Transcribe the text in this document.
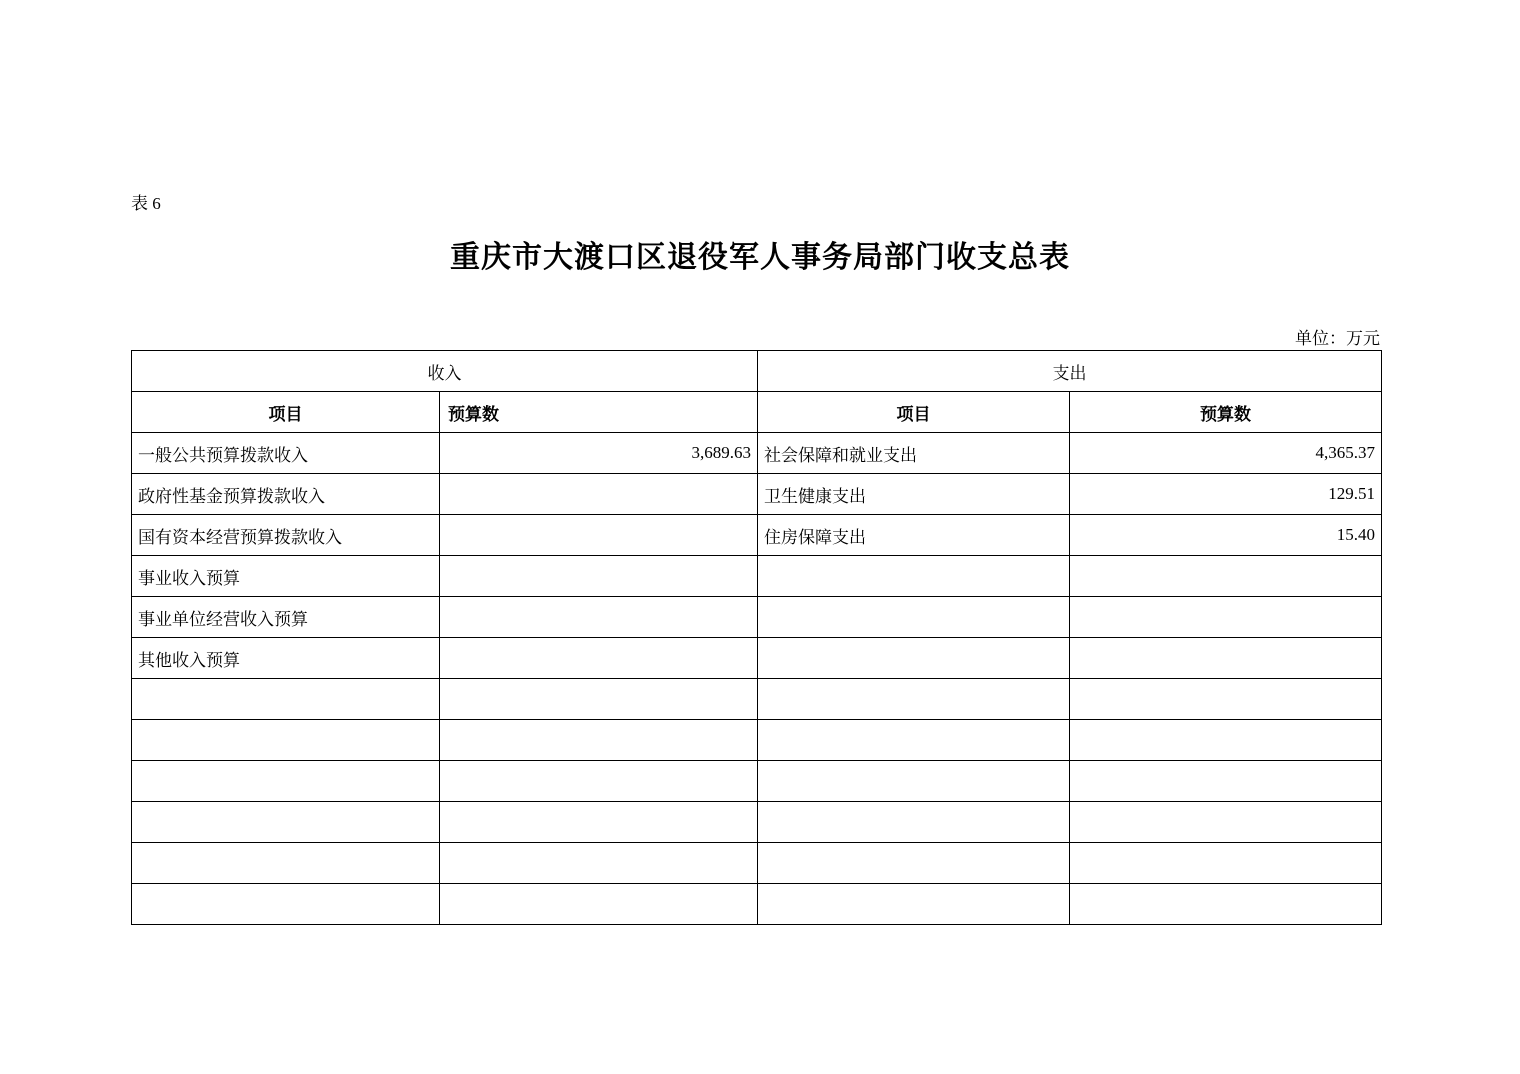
表 6
重庆市大渡口区退役军人事务局部门收支总表
单位：万元
收入		支出	
项目	预算数	项目	预算数
一般公共预算拨款收入	3,689.63	社会保障和就业支出	4,365.37
政府性基金预算拨款收入		卫生健康支出	129.51
国有资本经营预算拨款收入		住房保障支出	15.40
事业收入预算			
事业单位经营收入预算			
其他收入预算			
